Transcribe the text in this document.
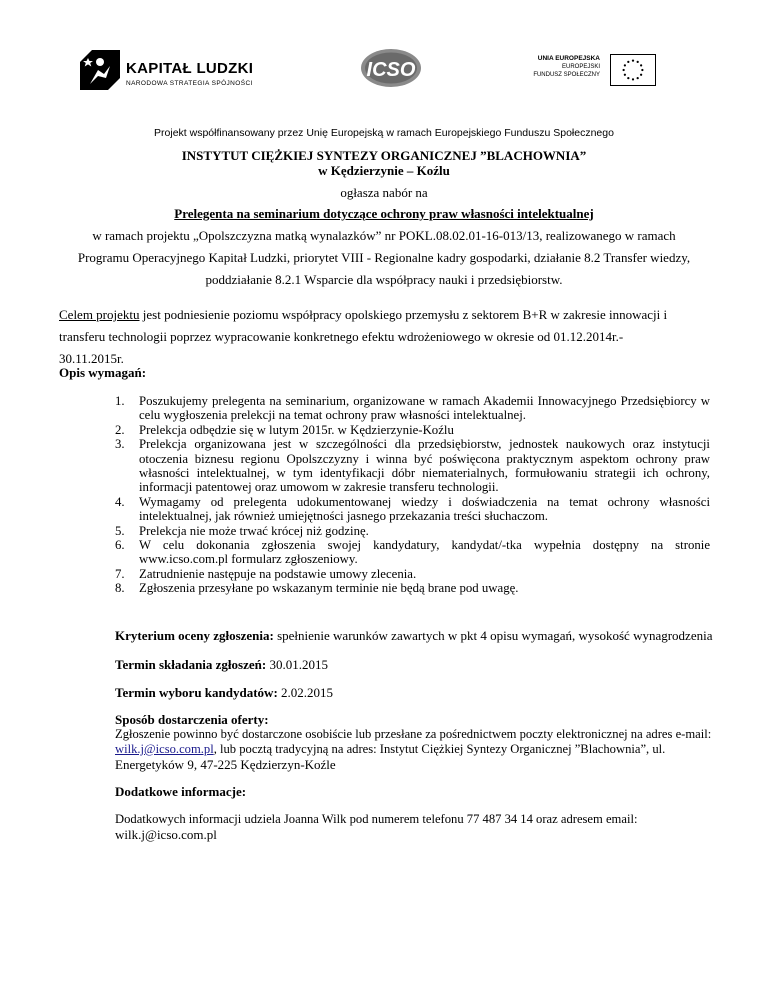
KAPITAŁ LUDZKI
NARODOWA STRATEGIA SPÓJNOŚCI
ICSO
UNIA EUROPEJSKA
EUROPEJSKI
FUNDUSZ SPOŁECZNY
Projekt współfinansowany przez Unię Europejską w ramach Europejskiego Funduszu Społecznego
INSTYTUT CIĘŻKIEJ SYNTEZY ORGANICZNEJ ”BLACHOWNIA”
w Kędzierzynie – Koźlu
ogłasza nabór na
Prelegenta na seminarium dotyczące ochrony praw własności intelektualnej
w ramach projektu „Opolszczyzna matką wynalazków” nr POKL.08.02.01-16-013/13, realizowanego w ramach
Programu Operacyjnego Kapitał Ludzki, priorytet VIII - Regionalne kadry gospodarki, działanie 8.2 Transfer wiedzy,
poddziałanie 8.2.1 Wsparcie dla współpracy nauki i przedsiębiorstw.
Celem projektu jest podniesienie poziomu współpracy opolskiego przemysłu z sektorem B+R w zakresie innowacji i
transferu technologii poprzez wypracowanie konkretnego efektu wdrożeniowego w okresie od 01.12.2014r.-
30.11.2015r.
Opis wymagań:
1. Poszukujemy prelegenta na seminarium, organizowane w ramach Akademii Innowacyjnego Przedsiębiorcy w celu wygłoszenia prelekcji na temat ochrony praw własności intelektualnej.
2. Prelekcja odbędzie się w lutym 2015r. w Kędzierzynie-Koźlu
3. Prelekcja organizowana jest w szczególności dla przedsiębiorstw, jednostek naukowych oraz instytucji otoczenia biznesu regionu Opolszczyzny i winna być poświęcona praktycznym aspektom ochrony praw własności intelektualnej, w tym identyfikacji dóbr niematerialnych, formułowaniu strategii ich ochrony, informacji patentowej oraz umowom w zakresie transferu technologii.
4. Wymagamy od prelegenta udokumentowanej wiedzy i doświadczenia na temat ochrony własności intelektualnej, jak również umiejętności jasnego przekazania treści słuchaczom.
5. Prelekcja nie może trwać krócej niż godzinę.
6. W celu dokonania zgłoszenia swojej kandydatury, kandydat/-tka wypełnia dostępny na stronie www.icso.com.pl formularz zgłoszeniowy.
7. Zatrudnienie następuje na podstawie umowy zlecenia.
8. Zgłoszenia przesyłane po wskazanym terminie nie będą brane pod uwagę.
Kryterium oceny zgłoszenia: spełnienie warunków zawartych w pkt 4 opisu wymagań, wysokość wynagrodzenia
Termin składania zgłoszeń: 30.01.2015
Termin wyboru kandydatów: 2.02.2015
Sposób dostarczenia oferty:
Zgłoszenie powinno być dostarczone osobiście lub przesłane za pośrednictwem poczty elektronicznej na adres e-mail:
wilk.j@icso.com.pl, lub pocztą tradycyjną na adres: Instytut Ciężkiej Syntezy Organicznej ”Blachownia”, ul.
Energetyków 9, 47-225 Kędzierzyn-Koźle
Dodatkowe informacje:
Dodatkowych informacji udziela Joanna Wilk pod numerem telefonu 77 487 34 14 oraz adresem email:
wilk.j@icso.com.pl
